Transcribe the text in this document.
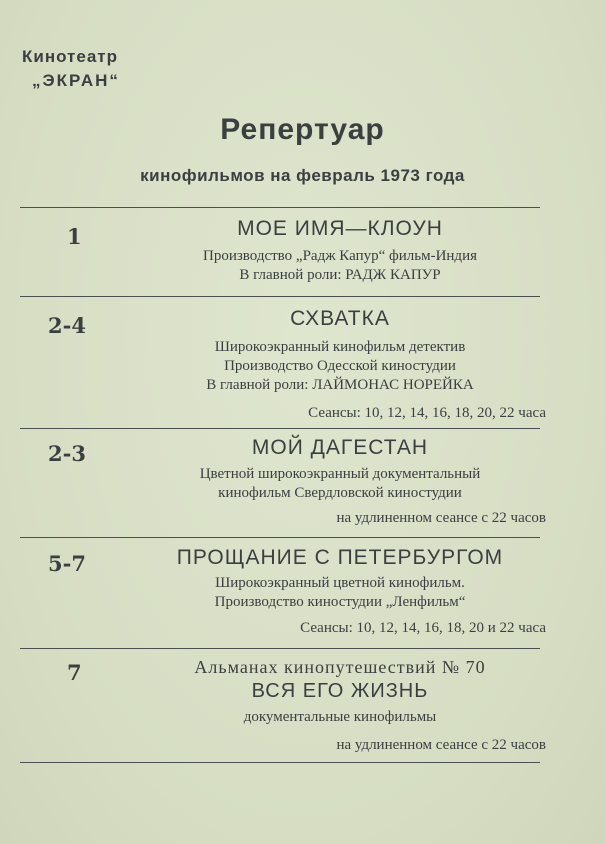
Кинотеатр
„ЭКРАН“
Репертуар
кинофильмов на февраль 1973 года
1	МОЕ ИМЯ—КЛОУН
Производство „Радж Капур“ фильм-Индия
В главной роли: РАДЖ КАПУР
2-4	СХВАТКА
Широкоэкранный кинофильм детектив
Производство Одесской киностудии
В главной роли: ЛАЙМОНАС НОРЕЙКА
Сеансы: 10, 12, 14, 16, 18, 20, 22 часа
2-3	МОЙ ДАГЕСТАН
Цветной широкоэкранный документальный
кинофильм Свердловской киностудии
на удлиненном сеансе с 22 часов
5-7	ПРОЩАНИЕ С ПЕТЕРБУРГОМ
Широкоэкранный цветной кинофильм.
Производство киностудии „Ленфильм“
Сеансы: 10, 12, 14, 16, 18, 20 и 22 часа
7	Альманах кинопутешествий № 70
ВСЯ ЕГО ЖИЗНЬ
документальные кинофильмы
на удлиненном сеансе с 22 часов
